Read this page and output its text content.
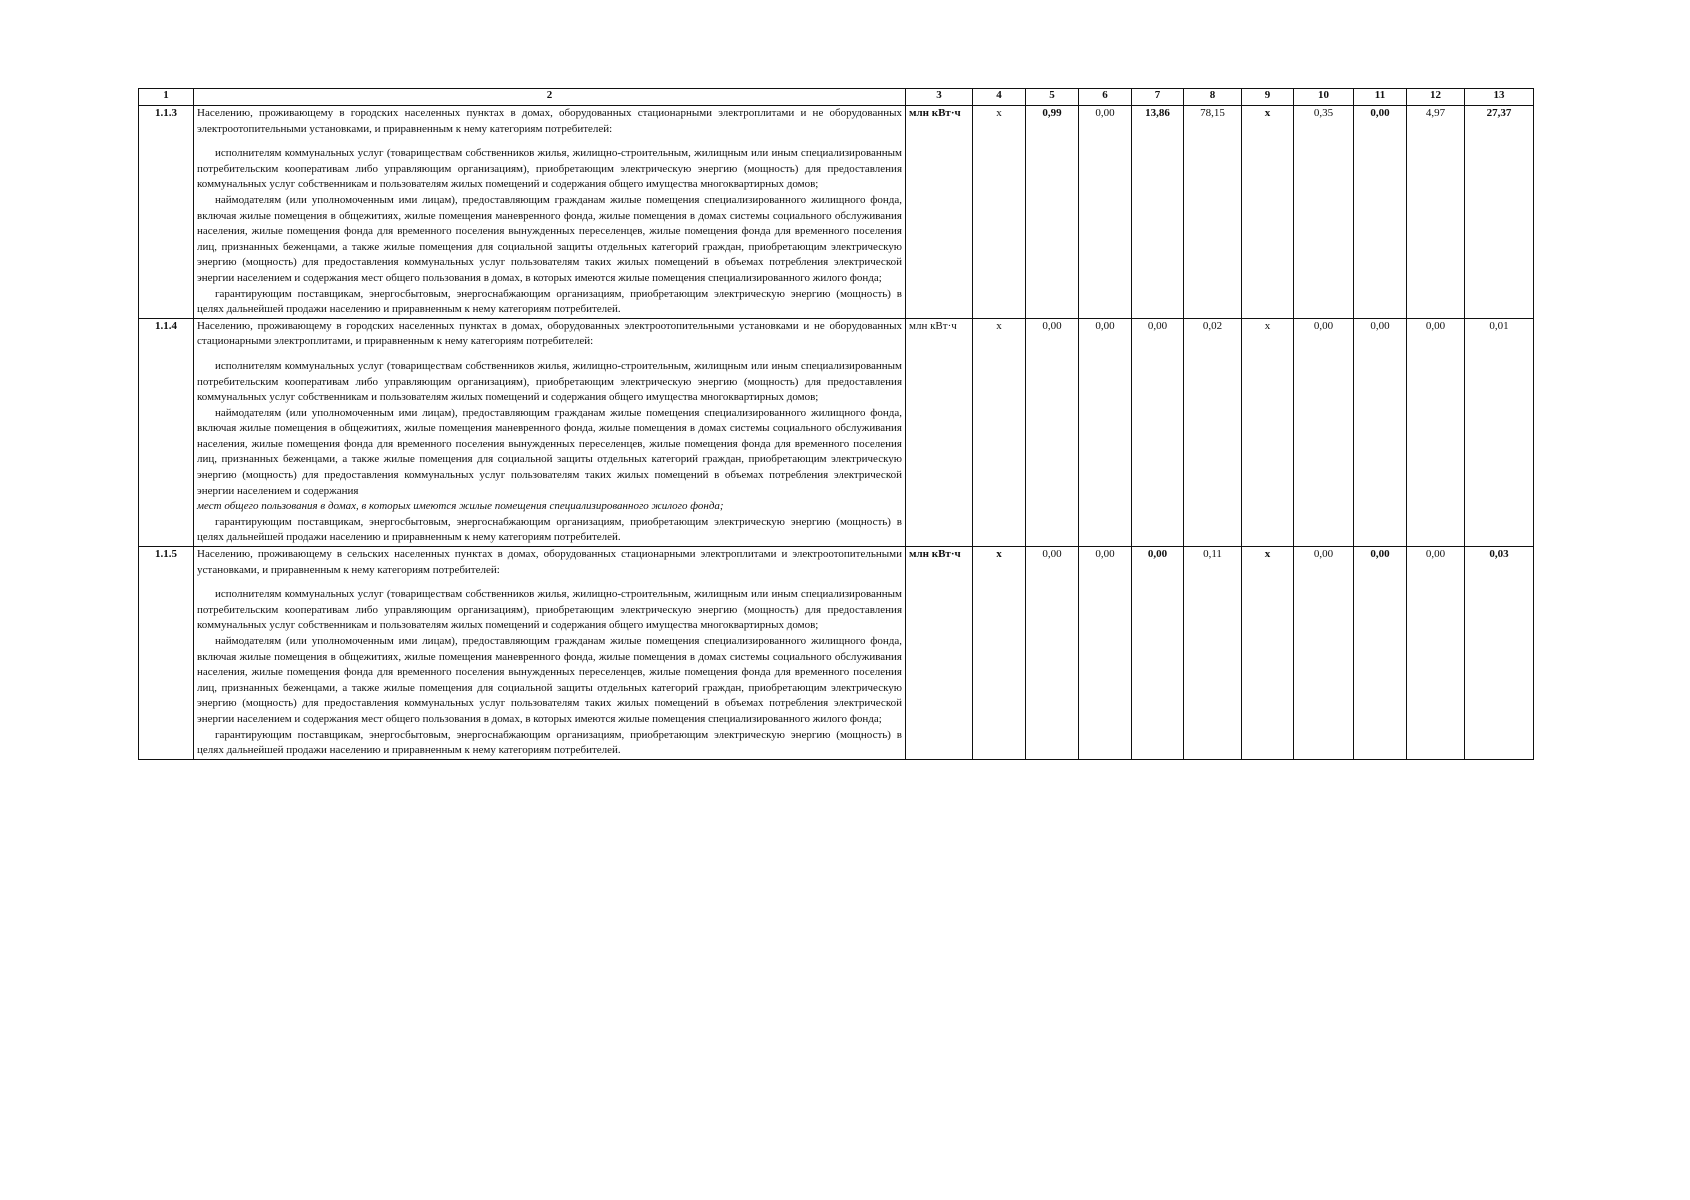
1	2	3	4	5	6	7	8	9	10	11	12	13
1.1.3	Населению, проживающему в городских населенных пунктах в домах, оборудованных стационарными электроплитами и не оборудованных электроотопительными установками, и приравненным к нему категориям потребителей:

исполнителям коммунальных услуг (товариществам собственников жилья, жилищно-строительным, жилищным или иным специализированным потребительским кооперативам либо управляющим организациям), приобретающим электрическую энергию (мощность) для предоставления коммунальных услуг собственникам и пользователям жилых помещений и содержания общего имущества многоквартирных домов;

наймодателям (или уполномоченным ими лицам), предоставляющим гражданам жилые помещения специализированного жилищного фонда, включая жилые помещения в общежитиях, жилые помещения маневренного фонда, жилые помещения в домах системы социального обслуживания населения, жилые помещения фонда для временного поселения вынужденных переселенцев, жилые помещения фонда для временного поселения лиц, признанных беженцами, а также жилые помещения для социальной защиты отдельных категорий граждан, приобретающим электрическую энергию (мощность) для предоставления коммунальных услуг пользователям таких жилых помещений в объемах потребления электрической энергии населением и содержания мест общего пользования в домах, в которых имеются жилые помещения специализированного жилого фонда;

гарантирующим поставщикам, энергосбытовым, энергоснабжающим организациям, приобретающим электрическую энергию (мощность) в целях дальнейшей продажи населению и приравненным к нему категориям потребителей.	млн кВт·ч	х	0,99	0,00	13,86	78,15	х	0,35	0,00	4,97	27,37
1.1.4	Населению, проживающему в городских населенных пунктах в домах, оборудованных электроотопительными установками и не оборудованных стационарными электроплитами, и приравненным к нему категориям потребителей:

исполнителям коммунальных услуг (товариществам собственников жилья, жилищно-строительным, жилищным или иным специализированным потребительским кооперативам либо управляющим организациям), приобретающим электрическую энергию (мощность) для предоставления коммунальных услуг собственникам и пользователям жилых помещений и содержания общего имущества многоквартирных домов;

наймодателям (или уполномоченным ими лицам), предоставляющим гражданам жилые помещения специализированного жилищного фонда, включая жилые помещения в общежитиях, жилые помещения маневренного фонда, жилые помещения в домах системы социального обслуживания населения, жилые помещения фонда для временного поселения вынужденных переселенцев, жилые помещения фонда для временного поселения лиц, признанных беженцами, а также жилые помещения для социальной защиты отдельных категорий граждан, приобретающим электрическую энергию (мощность) для предоставления коммунальных услуг пользователям таких жилых помещений в объемах потребления электрической энергии населением и содержания

мест общего пользования в домах, в которых имеются жилые помещения специализированного жилого фонда;

гарантирующим поставщикам, энергосбытовым, энергоснабжающим организациям, приобретающим электрическую энергию (мощность) в целях дальнейшей продажи населению и приравненным к нему категориям потребителей.	млн кВт·ч	х	0,00	0,00	0,00	0,02	х	0,00	0,00	0,00	0,01
1.1.5	Населению, проживающему в сельских населенных пунктах в домах, оборудованных стационарными электроплитами и электроотопительными установками, и приравненным к нему категориям потребителей:

исполнителям коммунальных услуг (товариществам собственников жилья, жилищно-строительным, жилищным или иным специализированным потребительским кооперативам либо управляющим организациям), приобретающим электрическую энергию (мощность) для предоставления коммунальных услуг собственникам и пользователям жилых помещений и содержания общего имущества многоквартирных домов;

наймодателям (или уполномоченным ими лицам), предоставляющим гражданам жилые помещения специализированного жилищного фонда, включая жилые помещения в общежитиях, жилые помещения маневренного фонда, жилые помещения в домах системы социального обслуживания населения, жилые помещения фонда для временного поселения вынужденных переселенцев, жилые помещения фонда для временного поселения лиц, признанных беженцами, а также жилые помещения для социальной защиты отдельных категорий граждан, приобретающим электрическую энергию (мощность) для предоставления коммунальных услуг пользователям таких жилых помещений в объемах потребления электрической энергии населением и содержания мест общего пользования в домах, в которых имеются жилые помещения специализированного жилого фонда;

гарантирующим поставщикам, энергосбытовым, энергоснабжающим организациям, приобретающим электрическую энергию (мощность) в целях дальнейшей продажи населению и приравненным к нему категориям потребителей.	млн кВт·ч	х	0,00	0,00	0,00	0,11	х	0,00	0,00	0,00	0,03
